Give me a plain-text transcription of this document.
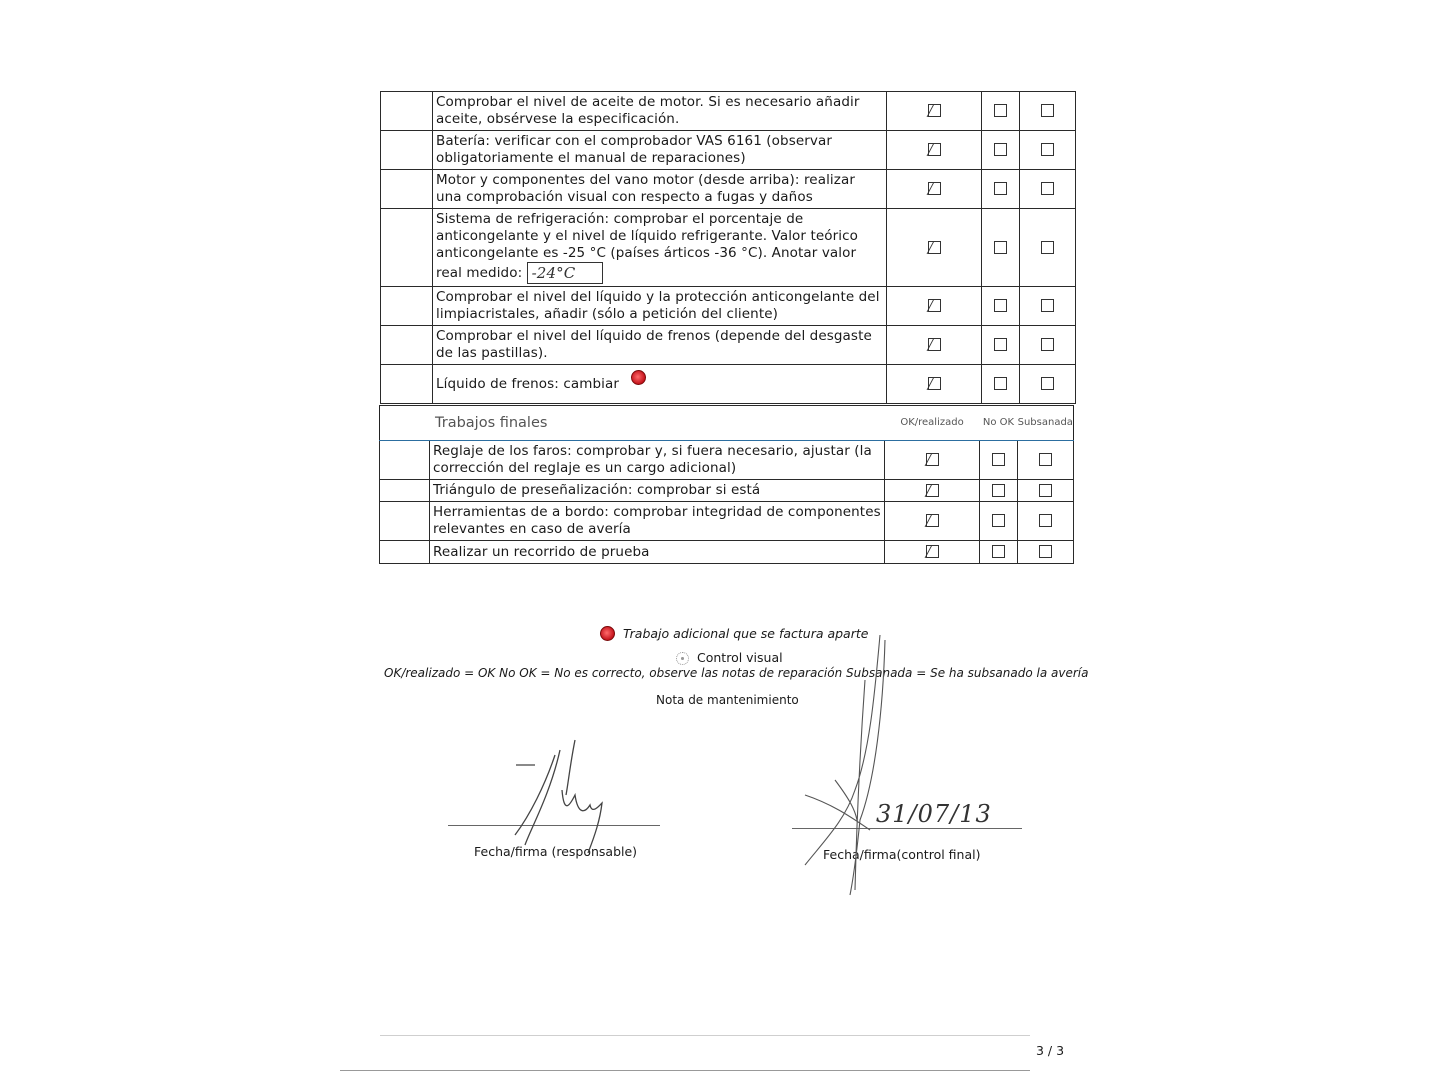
	Comprobar el nivel de aceite de motor. Si es necesario añadir aceite, obsérvese la especificación.			
	Batería: verificar con el comprobador VAS 6161 (observar obligatoriamente el manual de reparaciones)			
	Motor y componentes del vano motor (desde arriba): realizar una comprobación visual con respecto a fugas y daños			
	Sistema de refrigeración: comprobar el porcentaje de anticongelante y el nivel de líquido refrigerante. Valor teórico anticongelante es -25 °C (países árticos -36 °C). Anotar valor real medido: -24°C			
	Comprobar el nivel del líquido y la protección anticongelante del limpiacristales, añadir (sólo a petición del cliente)			
	Comprobar el nivel del líquido de frenos (depende del desgaste de las pastillas).			
	Líquido de frenos: cambiar			
Trabajos finales		OK/realizado	No OK	Subsanada
	Reglaje de los faros: comprobar y, si fuera necesario, ajustar (la corrección del reglaje es un cargo adicional)			
	Triángulo de preseñalización: comprobar si está			
	Herramientas de a bordo: comprobar integridad de componentes relevantes en caso de avería			
	Realizar un recorrido de prueba			
Trabajo adicional que se factura aparte
Control visual
OK/realizado = OK No OK = No es correcto, observe las notas de reparación Subsanada = Se ha subsanado la avería
Nota de mantenimiento
Fecha/firma (responsable)	Fecha/firma(control final)
31/07/13
3 / 3
